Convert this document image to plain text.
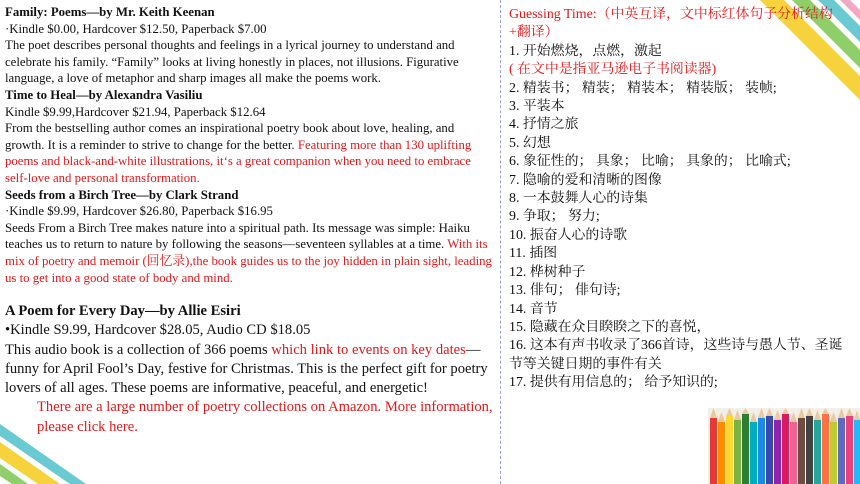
Family: Poems—by Mr. Keith Keenan

·Kindle $0.00, Hardcover $12.50, Paperback $7.00

The poet describes personal thoughts and feelings in a lyrical journey to understand and celebrate his family. “Family” looks at living honestly in places, not illusions. Figurative language, a love of metaphor and sharp images all make the poems work.

Time to Heal—by Alexandra Vasiliu

Kindle $9.99,Hardcover $21.94, Paperback $12.64

From the bestselling author comes an inspirational poetry book about love, healing, and growth. It is a reminder to strive to change for the better. Featuring more than 130 uplifting poems and black-and-white illustrations, it‘s a great companion when you need to embrace self-love and personal transformation.

Seeds from a Birch Tree—by Clark Strand

·Kindle $9.99, Hardcover $26.80, Paperback $16.95

Seeds From a Birch Tree makes nature into a spiritual path. Its message was simple: Haiku teaches us to return to nature by following the seasons—seventeen syllables at a time. With its mix of poetry and memoir (回忆录),the book guides us to the joy hidden in plain sight, leading us to get into a good state of body and mind.

A Poem for Every Day—by Allie Esiri

•Kindle S9.99, Hardcover $28.05, Audio CD $18.05

This audio book is a collection of 366 poems which link to events on key dates—funny for April Fool’s Day, festive for Christmas. This is the perfect gift for poetry lovers of all ages. These poems are informative, peaceful, and energetic!

There are a large number of poetry collections on Amazon. More information, please click here.

Guessing Time:（中英互译，文中标红体句子分析结构+翻译）

1. 开始燃烧，点燃，激起

( 在文中是指亚马逊电子书阅读器)

2. 精装书； 精装； 精装本； 精装版； 装帧;

3. 平装本

4. 抒情之旅

5. 幻想

6. 象征性的； 具象； 比喻； 具象的； 比喻式;

7. 隐喻的爱和清晰的图像

8. 一本鼓舞人心的诗集

9. 争取； 努力;

10. 振奋人心的诗歌

11. 插图

12. 桦树种子

13. 俳句； 俳句诗;

14. 音节

15. 隐藏在众目睽睽之下的喜悦，

16. 这本有声书收录了366首诗，这些诗与愚人节、圣诞节等关键日期的事件有关

17. 提供有用信息的； 给予知识的;
